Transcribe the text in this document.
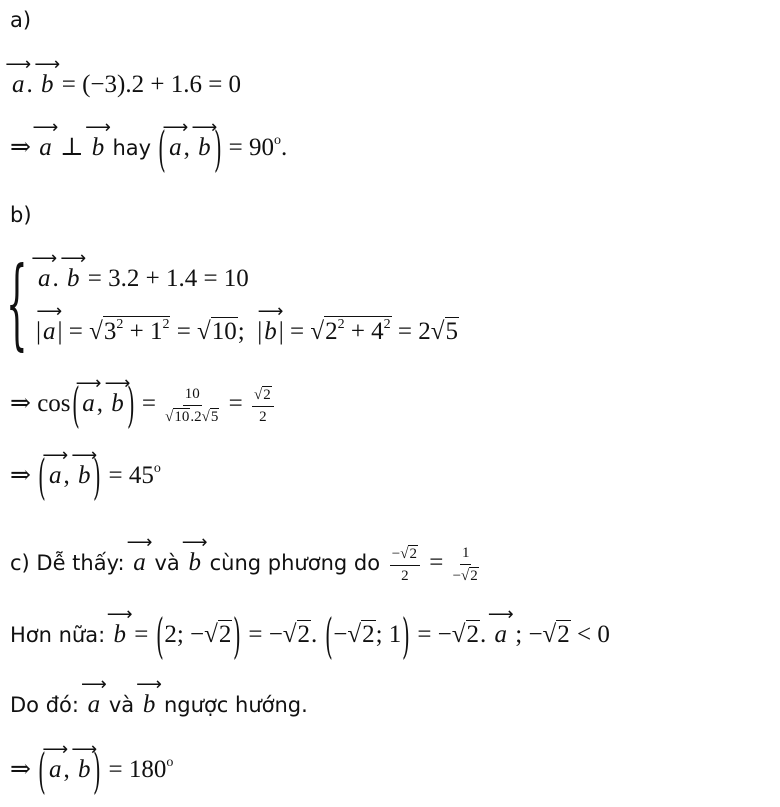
a)
⟶ a. ⟶ b = (−3).2 + 1.6 = 0
⇒ ⟶ a ⊥ ⟶ b hay ( ⟶ a, ⟶ b ) = $90^o$.
b)
{ ⟶ a. ⟶ b = 3.2 + 1.4 = 10
|⟶ $a| = √3^2 + 1^2 = √10$;  |⟶ $b| = √2^2 + 4^2 = 2√5$
⇒ cos( ⟶ a, ⟶ b ) = $\frac{10}{√10.2√5} = \frac{√2}{2}$
⇒ ( ⟶ a, ⟶ b ) = $45^o$
c) Dễ thấy: ⟶ a và ⟶ b cùng phương do $\frac{-√2}{2} = \frac{1}{-√2}$
Hơn nữa: ⟶ b = (2; −√2) = −√2. (−√2; 1) = −√2. ⟶ a ; −√2 < 0
Do đó: ⟶ a và ⟶ b ngược hướng.
⇒ ( ⟶ a, ⟶ b ) = $180^o$
